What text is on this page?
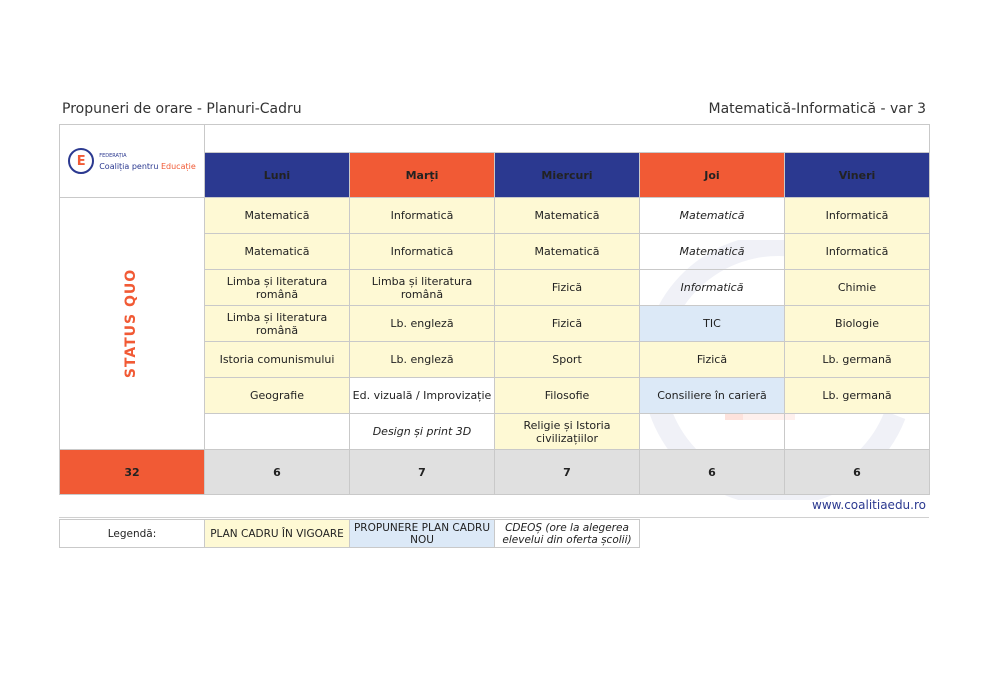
Propuneri de orare - Planuri-Cadru	Matematică-Informatică - var 3
E FEDERAȚIA
Coaliția pentru Educație					

	Luni	Marți	Miercuri	Joi	Vineri
STATUS QUO	Matematică	Informatică	Matematică	Matematică	Informatică
	Matematică	Informatică	Matematică	Matematică	Informatică
	Limba și literatura română	Limba și literatura română	Fizică	Informatică	Chimie
	Limba și literatura română	Lb. engleză	Fizică	TIC	Biologie
	Istoria comunismului	Lb. engleză	Sport	Fizică	Lb. germană
	Geografie	Ed. vizuală / Improvizație	Filosofie	Consiliere în carieră	Lb. germană
		Design și print 3D	Religie și Istoria civilizațiilor		
32	6	7	7	6	6
www.coalitiaedu.ro
Legendă:	PLAN CADRU ÎN VIGOARE	PROPUNERE PLAN CADRU NOU	CDEOȘ (ore la alegerea elevelui din oferta școlii)
